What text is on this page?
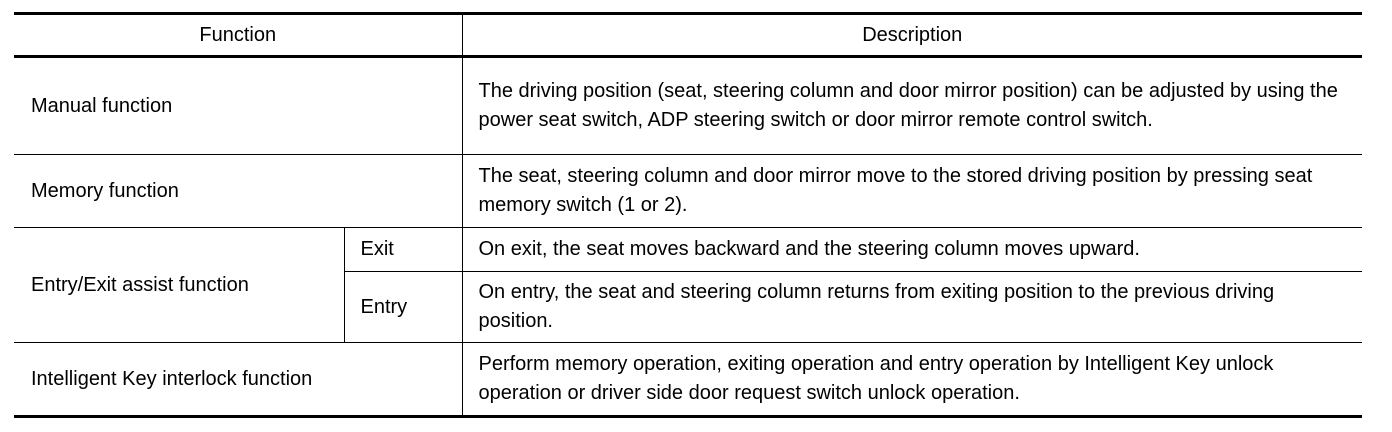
Function		Description
Manual function		The driving position (seat, steering column and door mirror position) can be adjusted by using the power seat switch, ADP steering switch or door mirror remote control switch.
Memory function		The seat, steering column and door mirror move to the stored driving position by pressing seat memory switch (1 or 2).
Entry/Exit assist function	Exit	On exit, the seat moves backward and the steering column moves upward.
	Entry	On entry, the seat and steering column returns from exiting position to the previous driving position.
Intelligent Key interlock function		Perform memory operation, exiting operation and entry operation by Intelligent Key unlock operation or driver side door request switch unlock operation.
